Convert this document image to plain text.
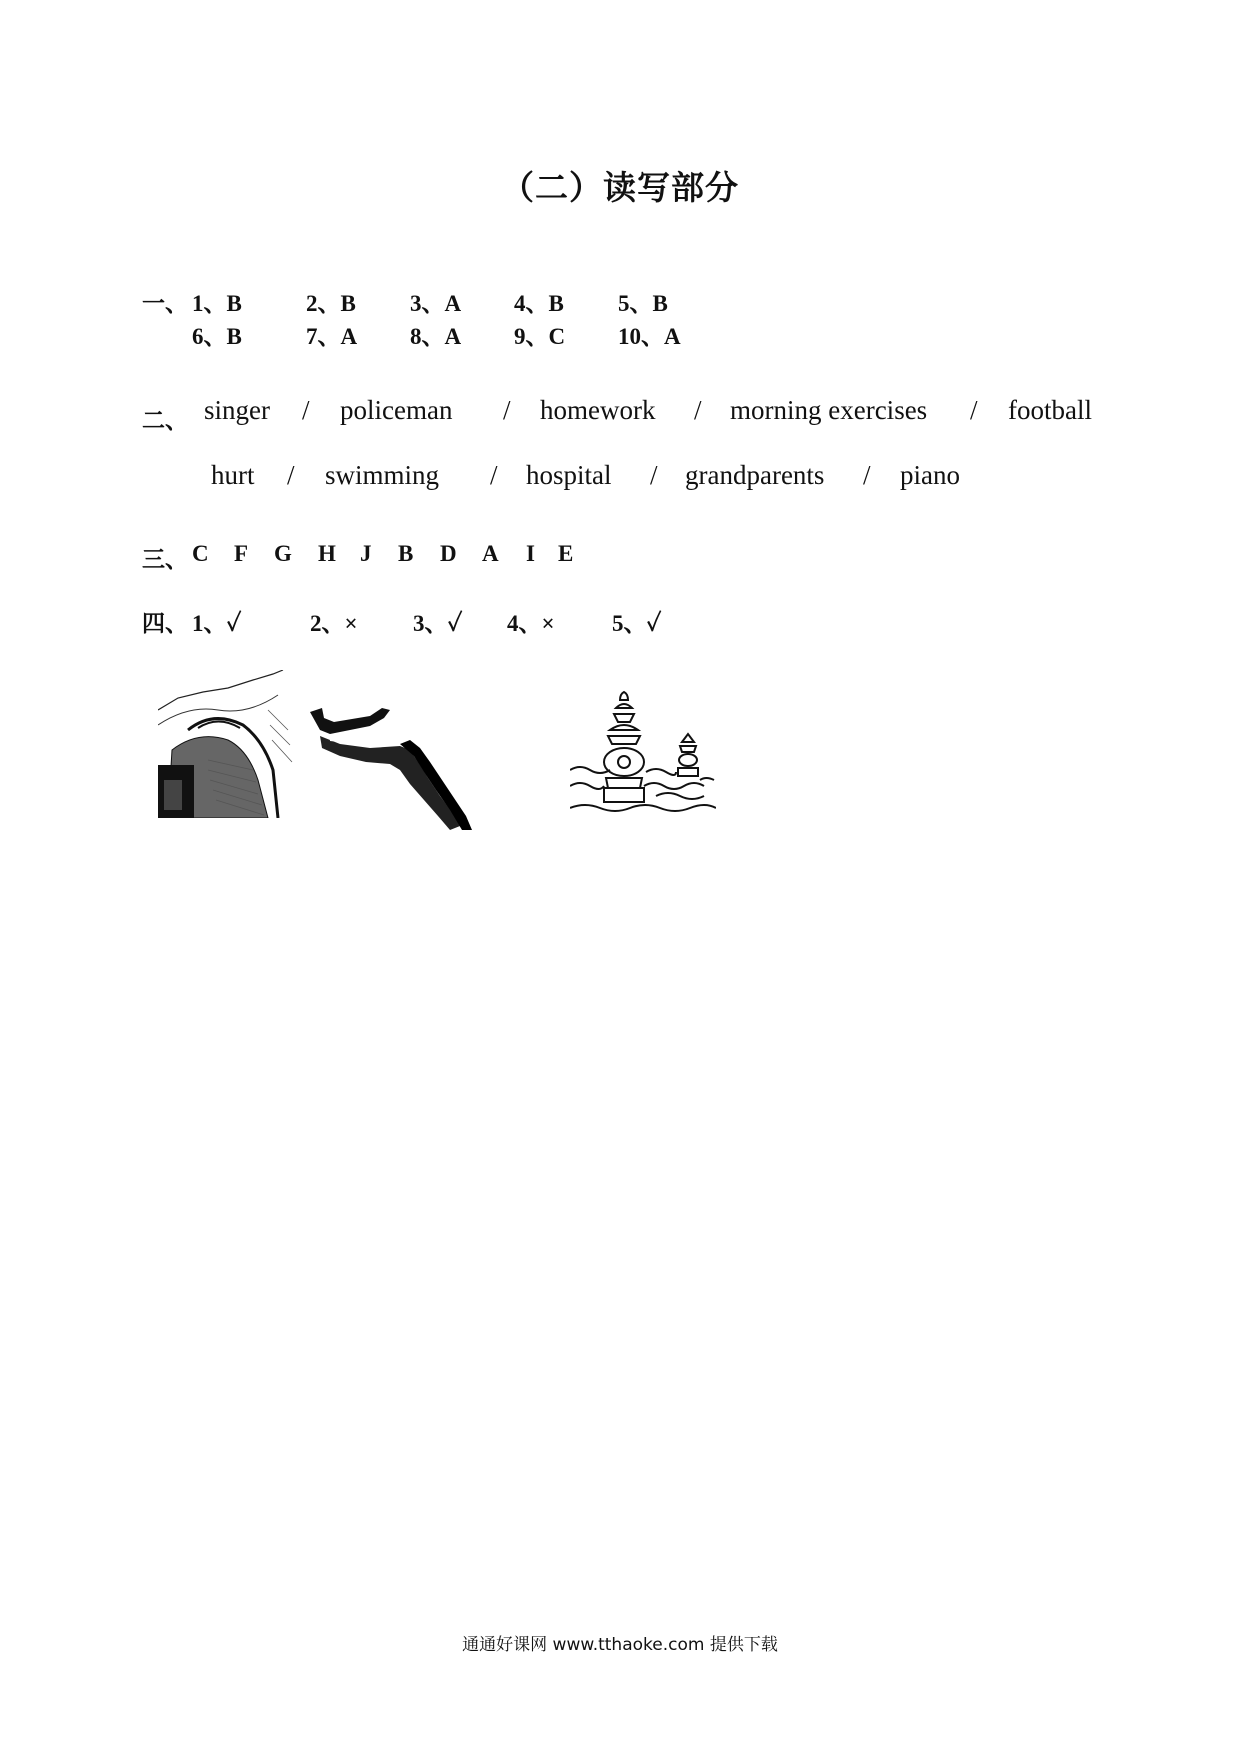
（二）读写部分
一、 1、B	2、B 3、A 4、B 5、B
6、B	7、A 8、A 9、C 10、A
二、 singer / policeman / homework / morning exercises / football
hurt / swimming / hospital / grandparents / piano
三、 C F G H J B D A I E
四、 1、✓	2、× 3、✓ 4、× 5、✓
通通好课网 www.tthaoke.com 提供下载
